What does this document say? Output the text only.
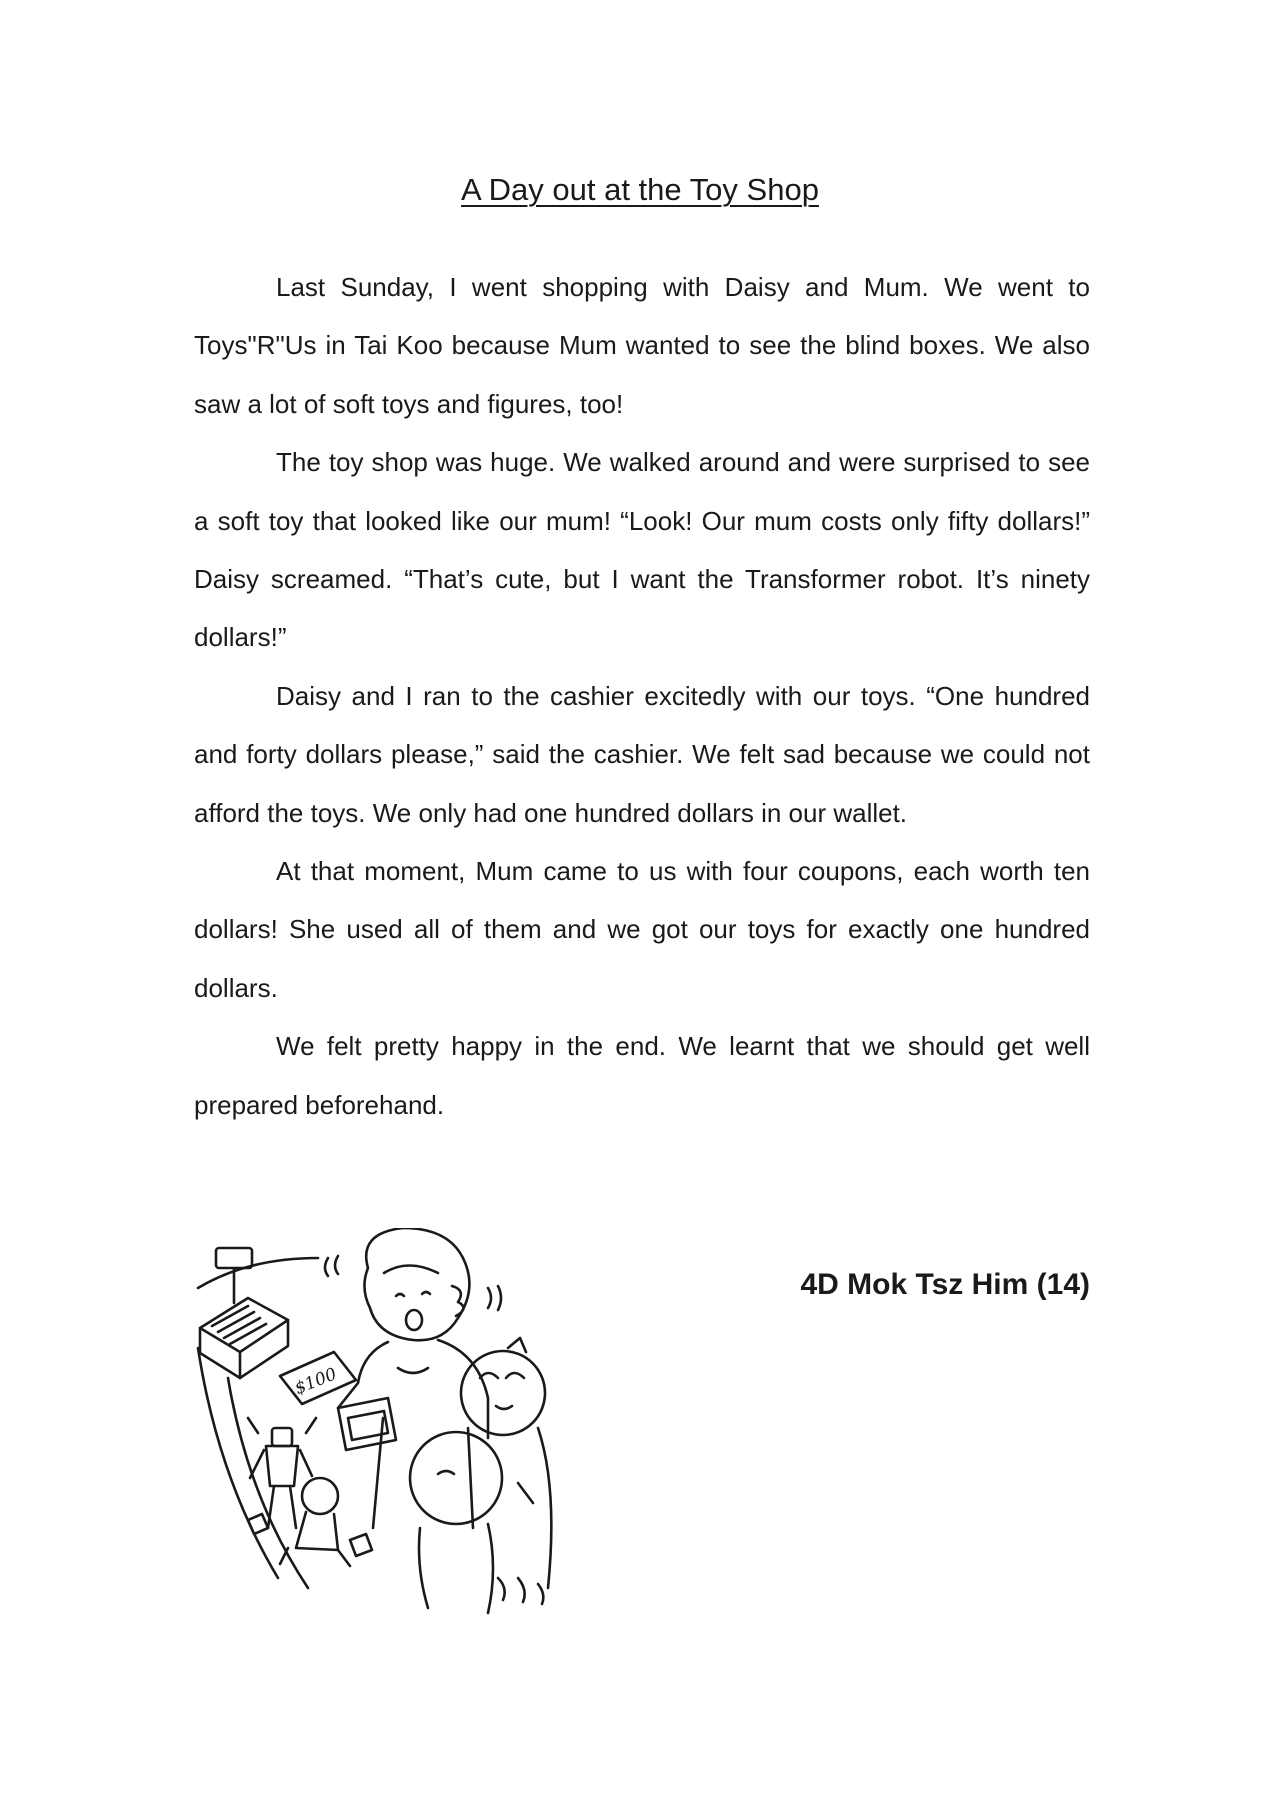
A Day out at the Toy Shop

Last Sunday, I went shopping with Daisy and Mum. We went to Toys"R"Us in Tai Koo because Mum wanted to see the blind boxes. We also saw a lot of soft toys and figures, too!

The toy shop was huge. We walked around and were surprised to see a soft toy that looked like our mum! “Look! Our mum costs only fifty dollars!” Daisy screamed. “That’s cute, but I want the Transformer robot. It’s ninety dollars!”

Daisy and I ran to the cashier excitedly with our toys. “One hundred and forty dollars please,” said the cashier. We felt sad because we could not afford the toys. We only had one hundred dollars in our wallet.

At that moment, Mum came to us with four coupons, each worth ten dollars! She used all of them and we got our toys for exactly one hundred dollars.

We felt pretty happy in the end. We learnt that we should get well prepared beforehand.

4D Mok Tsz Him (14)

$100
